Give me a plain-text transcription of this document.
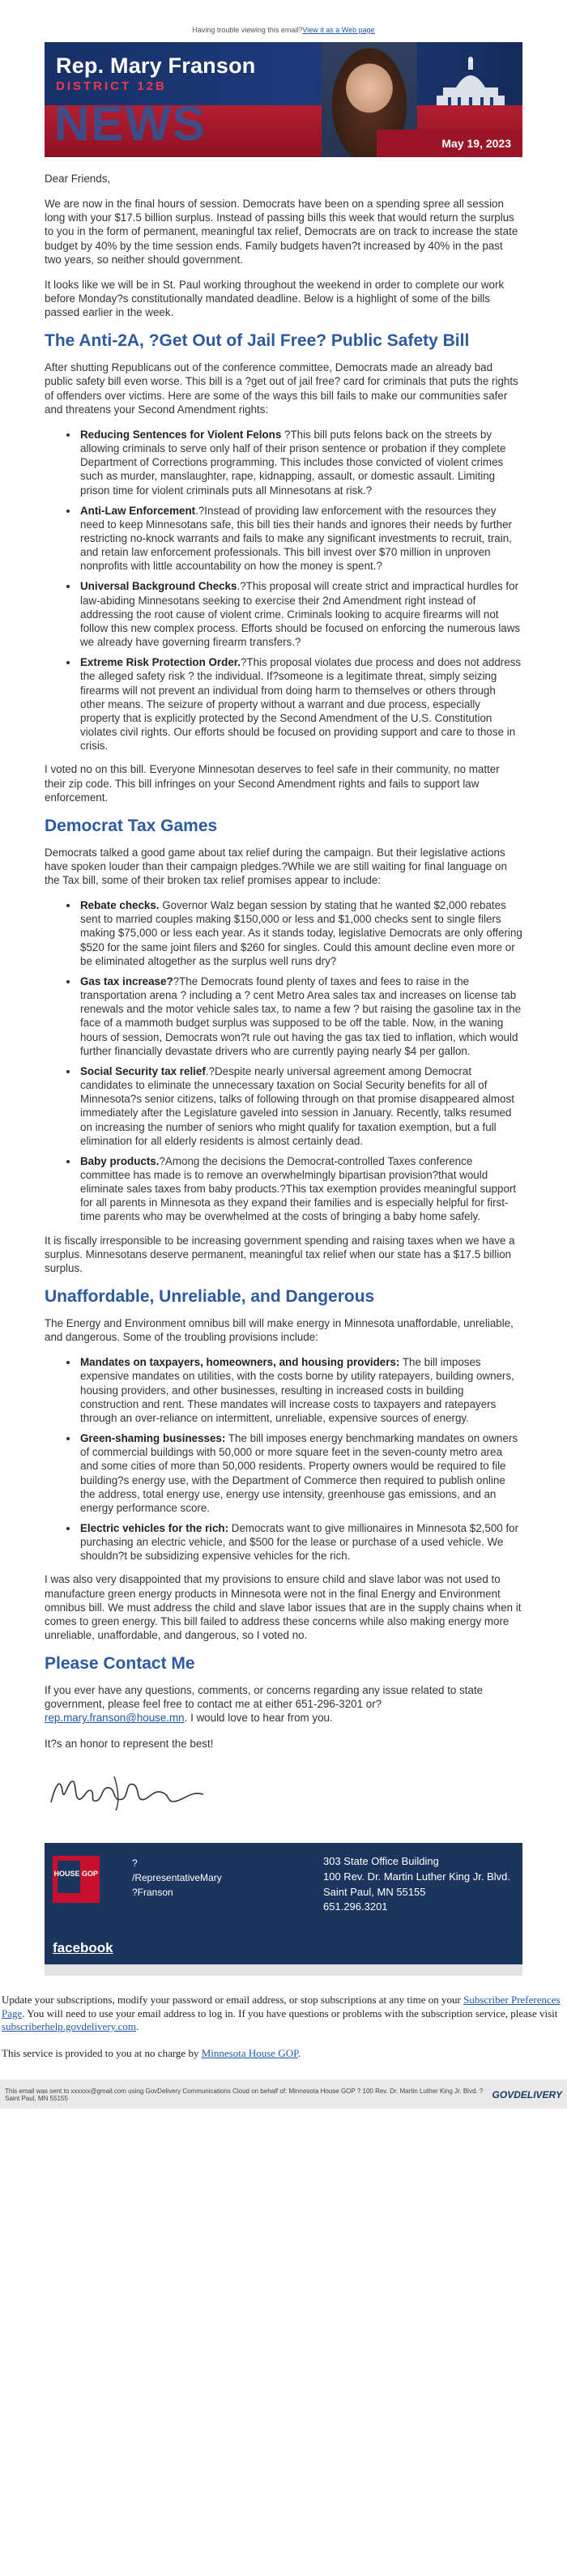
Having trouble viewing this email?View it as a Web page
Rep. Mary Franson
DISTRICT 12B
NEWS	May 19, 2023

Dear Friends,

We are now in the final hours of session. Democrats have been on a spending spree all session long with your $17.5 billion surplus. Instead of passing bills this week that would return the surplus to you in the form of permanent, meaningful tax relief, Democrats are on track to increase the state budget by 40% by the time session ends. Family budgets haven?t increased by 40% in the past two years, so neither should government.

It looks like we will be in St. Paul working throughout the weekend in order to complete our work before Monday?s constitutionally mandated deadline. Below is a highlight of some of the bills passed earlier in the week.

The Anti-2A, ?Get Out of Jail Free? Public Safety Bill

After shutting Republicans out of the conference committee, Democrats made an already bad public safety bill even worse. This bill is a ?get out of jail free? card for criminals that puts the rights of offenders over victims. Here are some of the ways this bill fails to make our communities safer and threatens your Second Amendment rights:

• Reducing Sentences for Violent Felons ?This bill puts felons back on the streets by allowing criminals to serve only half of their prison sentence or probation if they complete Department of Corrections programming. This includes those convicted of violent crimes such as murder, manslaughter, rape, kidnapping, assault, or domestic assault. Limiting prison time for violent criminals puts all Minnesotans at risk.?
• Anti-Law Enforcement.?Instead of providing law enforcement with the resources they need to keep Minnesotans safe, this bill ties their hands and ignores their needs by further restricting no-knock warrants and fails to make any significant investments to recruit, train, and retain law enforcement professionals. This bill invest over $70 million in unproven nonprofits with little accountability on how the money is spent.?
• Universal Background Checks.?This proposal will create strict and impractical hurdles for law-abiding Minnesotans seeking to exercise their 2nd Amendment right instead of addressing the root cause of violent crime. Criminals looking to acquire firearms will not follow this new complex process. Efforts should be focused on enforcing the numerous laws we already have governing firearm transfers.?
• Extreme Risk Protection Order.?This proposal violates due process and does not address the alleged safety risk ? the individual. If?someone is a legitimate threat, simply seizing firearms will not prevent an individual from doing harm to themselves or others through other means. The seizure of property without a warrant and due process, especially property that is explicitly protected by the Second Amendment of the U.S. Constitution violates civil rights. Our efforts should be focused on providing support and care to those in crisis.

I voted no on this bill. Everyone Minnesotan deserves to feel safe in their community, no matter their zip code. This bill infringes on your Second Amendment rights and fails to support law enforcement.

Democrat Tax Games

Democrats talked a good game about tax relief during the campaign. But their legislative actions have spoken louder than their campaign pledges.?While we are still waiting for final language on the Tax bill, some of their broken tax relief promises appear to include:

• Rebate checks. Governor Walz began session by stating that he wanted $2,000 rebates sent to married couples making $150,000 or less and $1,000 checks sent to single filers making $75,000 or less each year. As it stands today, legislative Democrats are only offering $520 for the same joint filers and $260 for singles. Could this amount decline even more or be eliminated altogether as the surplus well runs dry?
• Gas tax increase??The Democrats found plenty of taxes and fees to raise in the transportation arena ? including a ? cent Metro Area sales tax and increases on license tab renewals and the motor vehicle sales tax, to name a few ? but raising the gasoline tax in the face of a mammoth budget surplus was supposed to be off the table. Now, in the waning hours of session, Democrats won?t rule out having the gas tax tied to inflation, which would further financially devastate drivers who are currently paying nearly $4 per gallon.
• Social Security tax relief.?Despite nearly universal agreement among Democrat candidates to eliminate the unnecessary taxation on Social Security benefits for all of Minnesota?s senior citizens, talks of following through on that promise disappeared almost immediately after the Legislature gaveled into session in January. Recently, talks resumed on increasing the number of seniors who might qualify for taxation exemption, but a full elimination for all elderly residents is almost certainly dead.
• Baby products.?Among the decisions the Democrat-controlled Taxes conference committee has made is to remove an overwhelmingly bipartisan provision?that would eliminate sales taxes from baby products.?This tax exemption provides meaningful support for all parents in Minnesota as they expand their families and is especially helpful for first-time parents who may be overwhelmed at the costs of bringing a baby home safely.

It is fiscally irresponsible to be increasing government spending and raising taxes when we have a surplus. Minnesotans deserve permanent, meaningful tax relief when our state has a $17.5 billion surplus.

Unaffordable, Unreliable, and Dangerous

The Energy and Environment omnibus bill will make energy in Minnesota unaffordable, unreliable, and dangerous. Some of the troubling provisions include:

• Mandates on taxpayers, homeowners, and housing providers: The bill imposes expensive mandates on utilities, with the costs borne by utility ratepayers, building owners, housing providers, and other businesses, resulting in increased costs in building construction and rent. These mandates will increase costs to taxpayers and ratepayers through an over-reliance on intermittent, unreliable, expensive sources of energy.
• Green-shaming businesses: The bill imposes energy benchmarking mandates on owners of commercial buildings with 50,000 or more square feet in the seven-county metro area and some cities of more than 50,000 residents. Property owners would be required to file building?s energy use, with the Department of Commerce then required to publish online the address, total energy use, energy use intensity, greenhouse gas emissions, and an energy performance score.
• Electric vehicles for the rich: Democrats want to give millionaires in Minnesota $2,500 for purchasing an electric vehicle, and $500 for the lease or purchase of a used vehicle. We shouldn?t be subsidizing expensive vehicles for the rich.

I was also very disappointed that my provisions to ensure child and slave labor was not used to manufacture green energy products in Minnesota were not in the final Energy and Environment omnibus bill. We must address the child and slave labor issues that are in the supply chains when it comes to green energy. This bill failed to address these concerns while also making energy more unreliable, unaffordable, and dangerous, so I voted no.

Please Contact Me

If you ever have any questions, comments, or concerns regarding any issue related to state government, please feel free to contact me at either 651-296-3201 or?
rep.mary.franson@house.mn. I would love to hear from you.

It?s an honor to represent the best!

HOUSE GOP
facebook
?
/RepresentativeMary
?Franson
303 State Office Building
100 Rev. Dr. Martin Luther King Jr. Blvd.
Saint Paul, MN 55155
651.296.3201

Update your subscriptions, modify your password or email address, or stop subscriptions at any time on your Subscriber Preferences Page. You will need to use your email address to log in. If you have questions or problems with the subscription service, please visit subscriberhelp.govdelivery.com.

This service is provided to you at no charge by Minnesota House GOP.

This email was sent to xxxxxx@gmail.com using GovDelivery Communications Cloud on behalf of: Minnesota House GOP ? 100 Rev. Dr. Martin Luther King Jr. Blvd. ? Saint Paul, MN 55155	GOVDELIVERY
